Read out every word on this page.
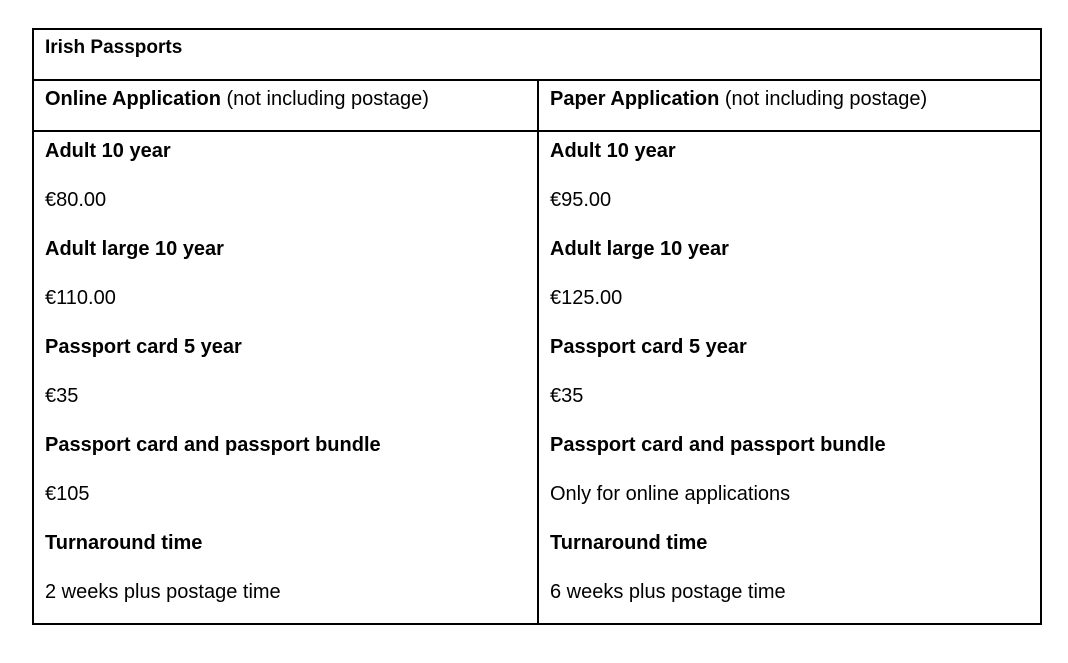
Irish Passports
Online Application (not including postage)	Paper Application (not including postage)
Adult 10 year
€80.00
Adult large 10 year
€110.00
Passport card 5 year
€35
Passport card and passport bundle
€105
Turnaround time
2 weeks plus postage time
Adult 10 year
€95.00
Adult large 10 year
€125.00
Passport card 5 year
€35
Passport card and passport bundle
Only for online applications
Turnaround time
6 weeks plus postage time
